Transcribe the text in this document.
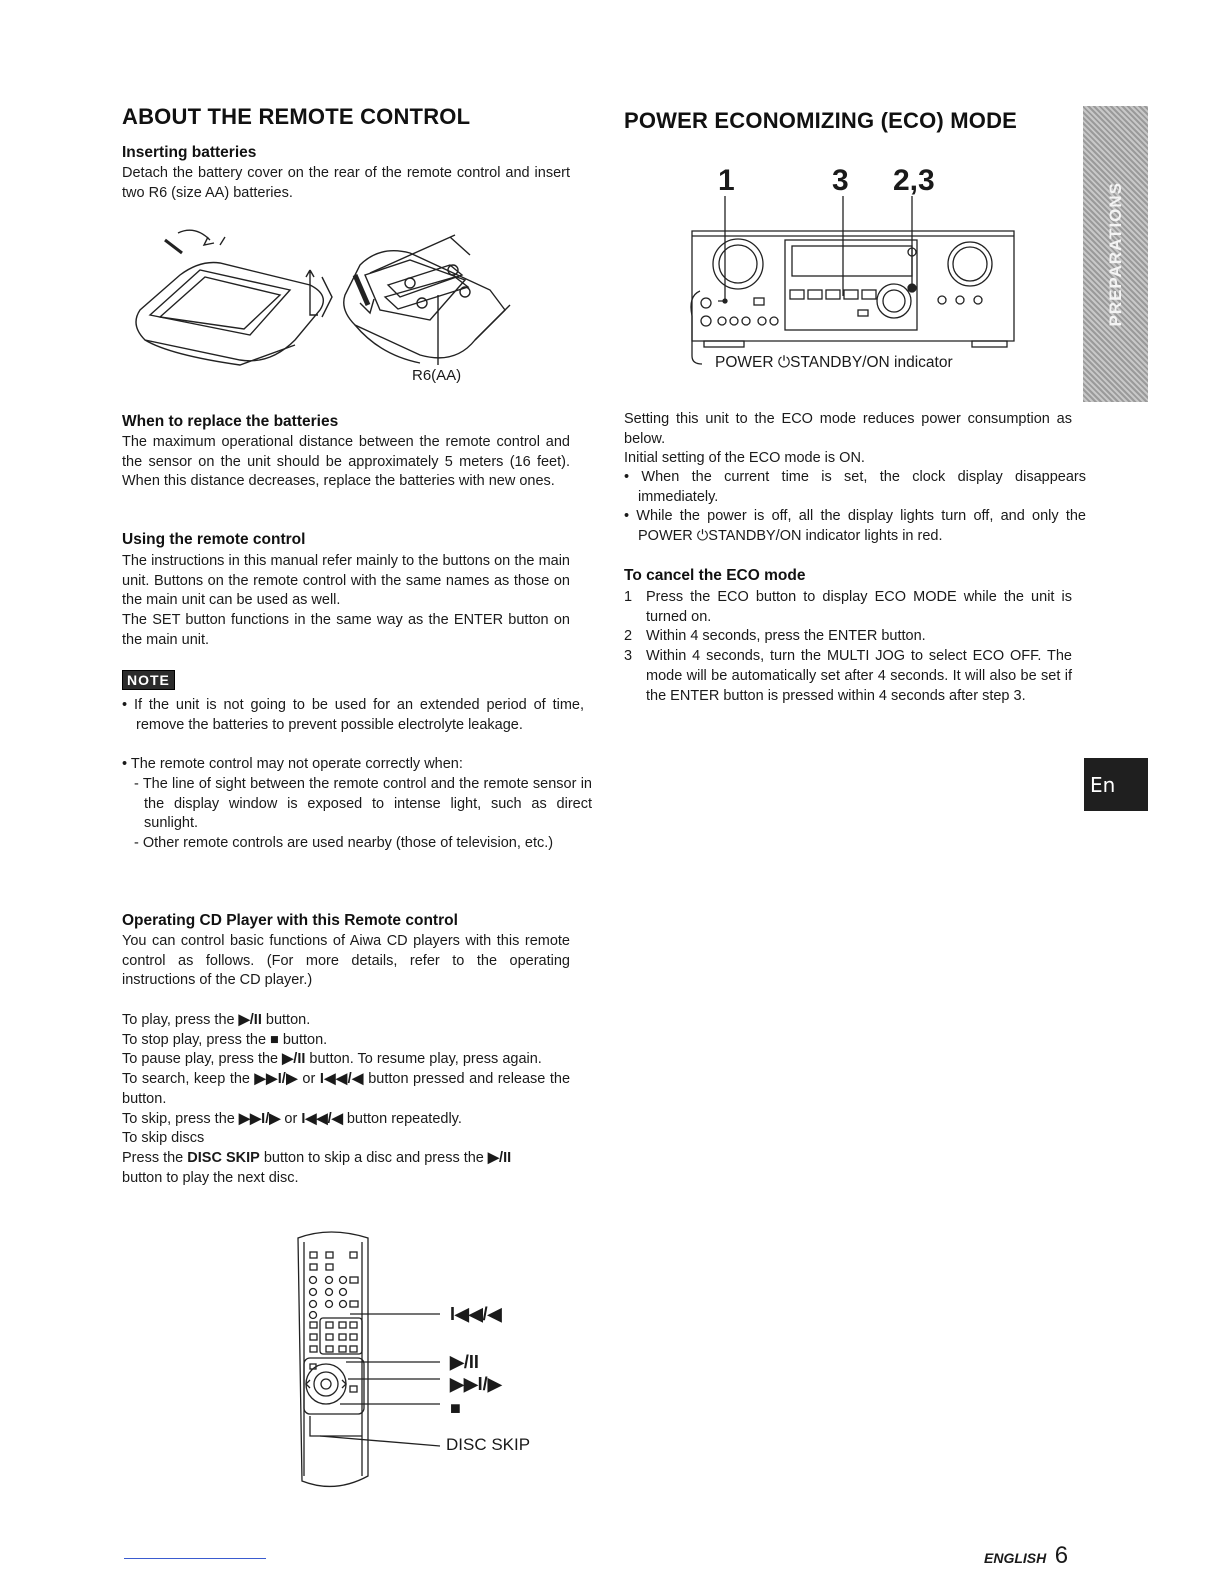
ABOUT THE REMOTE CONTROL
Inserting batteries

Detach the battery cover on the rear of the remote control and insert two R6 (size AA) batteries.

R6(AA)
When to replace the batteries

The maximum operational distance between the remote control and the sensor on the unit should be approximately 5 meters (16 feet). When this distance decreases, replace the batteries with new ones.

Using the remote control

The instructions in this manual refer mainly to the buttons on the main unit. Buttons on the remote control with the same names as those on the main unit can be used as well.

The SET button functions in the same way as the ENTER button on the main unit.

NOTE

• If the unit is not going to be used for an extended period of time, remove the batteries to prevent possible electrolyte leakage.

• The remote control may not operate correctly when:

- The line of sight between the remote control and the remote sensor in the display window is exposed to intense light, such as direct sunlight.

- Other remote controls are used nearby (those of television, etc.)

Operating CD Player with this Remote control

You can control basic functions of Aiwa CD players with this remote control as follows. (For more details, refer to the operating instructions of the CD player.)

To play, press the ▶/II button.

To stop play, press the ■ button.

To pause play, press the ▶/II button. To resume play, press again.

To search, keep the ▶▶I/▶ or I◀◀/◀ button pressed and release the button.

To skip, press the ▶▶I/▶ or I◀◀/◀ button repeatedly.

To skip discs

Press the DISC SKIP button to skip a disc and press the ▶/II
button to play the next disc.

I◀◀/◀
▶/II
▶▶I/▶
■
DISC SKIP
POWER ECONOMIZING (ECO) MODE
1	3 2,3
POWER ⏻STANDBY/ON indicator

Setting this unit to the ECO mode reduces power consumption as below.

Initial setting of the ECO mode is ON.

• When the current time is set, the clock display disappears immediately.

• While the power is off, all the display lights turn off, and only the POWER ⏻STANDBY/ON indicator lights in red.

To cancel the ECO mode
1 Press the ECO button to display ECO MODE while the unit is turned on.
2 Within 4 seconds, press the ENTER button.
3 Within 4 seconds, turn the MULTI JOG to select ECO OFF. The mode will be automatically set after 4 seconds. It will also be set if the ENTER button is pressed within 4 seconds after step 3.
PREPARATIONS
En
ENGLISH 6
